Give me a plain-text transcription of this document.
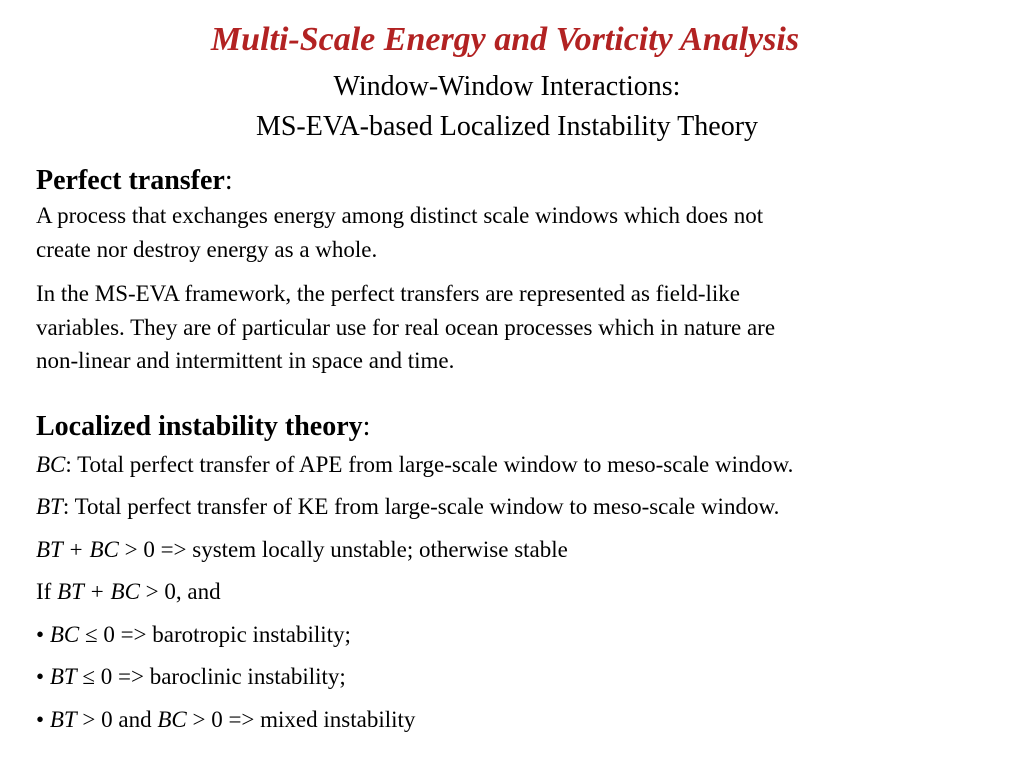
Multi-Scale Energy and Vorticity Analysis
Window-Window Interactions:
MS-EVA-based Localized Instability Theory
Perfect transfer:
A process that exchanges energy among distinct scale windows which does not
create nor destroy energy as a whole.
In the MS-EVA framework, the perfect transfers are represented as field-like
variables. They are of particular use for real ocean processes which in nature are
non-linear and intermittent in space and time.
Localized instability theory:
BC: Total perfect transfer of APE from large-scale window to meso-scale window.
BT: Total perfect transfer of KE from large-scale window to meso-scale window.
BT + BC > 0 => system locally unstable; otherwise stable
If BT + BC > 0, and
• BC ≤ 0 => barotropic instability;
• BT ≤ 0 => baroclinic instability;
• BT > 0 and BC > 0 => mixed instability
